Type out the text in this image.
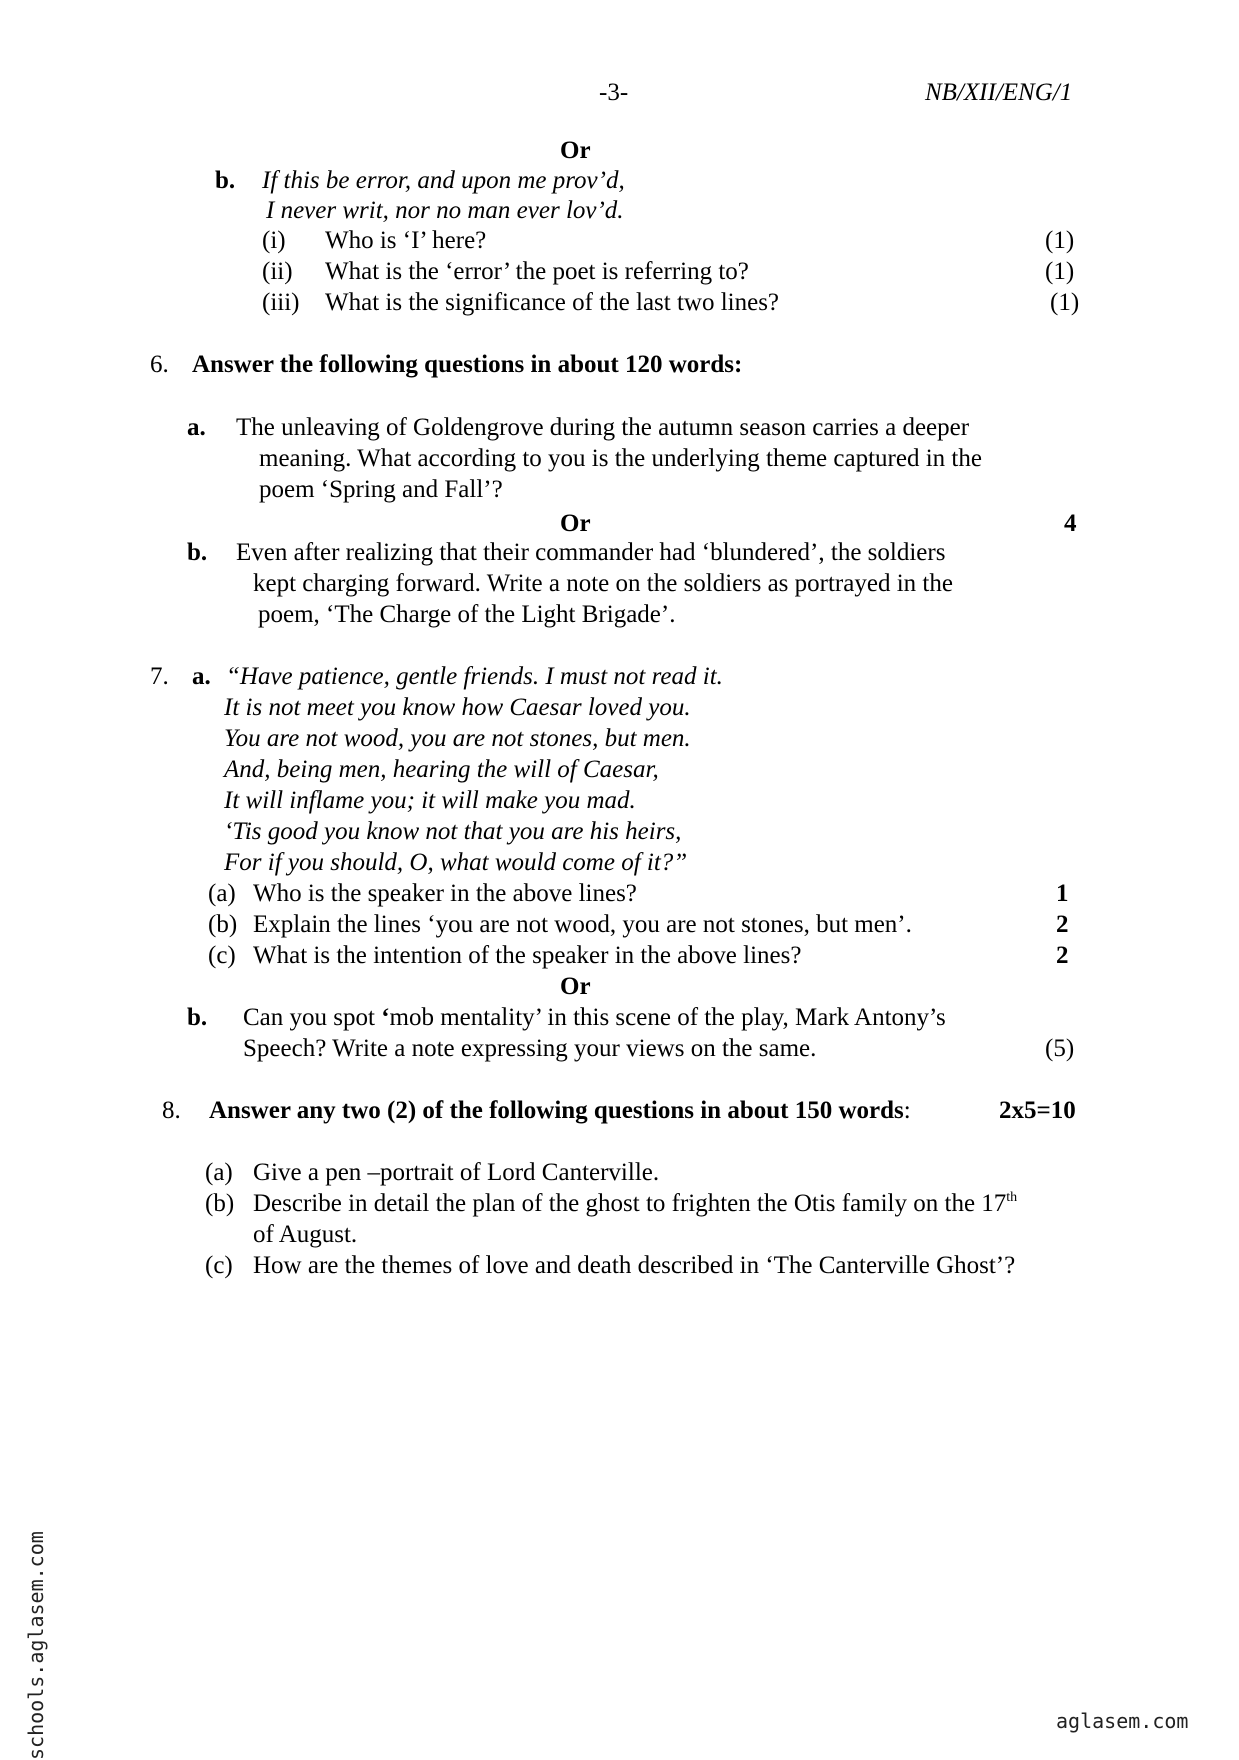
-3-	NB/XII/ENG/1
Or
b. If this be error, and upon me prov’d,
I never writ, nor no man ever lov’d.
(i) Who is ‘I’ here?	(1)
(ii) What is the ‘error’ the poet is referring to?	(1)
(iii) What is the significance of the last two lines?	(1)
6. Answer the following questions in about 120 words:
a. The unleaving of Goldengrove during the autumn season carries a deeper
meaning. What according to you is the underlying theme captured in the
poem ‘Spring and Fall’?
Or	4
b. Even after realizing that their commander had ‘blundered’, the soldiers
kept charging forward. Write a note on the soldiers as portrayed in the
poem, ‘The Charge of the Light Brigade’.
7. a. “Have patience, gentle friends. I must not read it.
It is not meet you know how Caesar loved you.
You are not wood, you are not stones, but men.
And, being men, hearing the will of Caesar,
It will inflame you; it will make you mad.
‘Tis good you know not that you are his heirs,
For if you should, O, what would come of it?”
(a) Who is the speaker in the above lines?	1
(b) Explain the lines ‘you are not wood, you are not stones, but men’.	2
(c) What is the intention of the speaker in the above lines?	2
Or
b. Can you spot ‘mob mentality’ in this scene of the play, Mark Antony’s
Speech? Write a note expressing your views on the same.	(5)
8. Answer any two (2) of the following questions in about 150 words:	2x5=10
(a) Give a pen –portrait of Lord Canterville.
(b) Describe in detail the plan of the ghost to frighten the Otis family on the 17th
of August.
(c) How are the themes of love and death described in ‘The Canterville Ghost’?
schools.aglasem.com	aglasem.com
